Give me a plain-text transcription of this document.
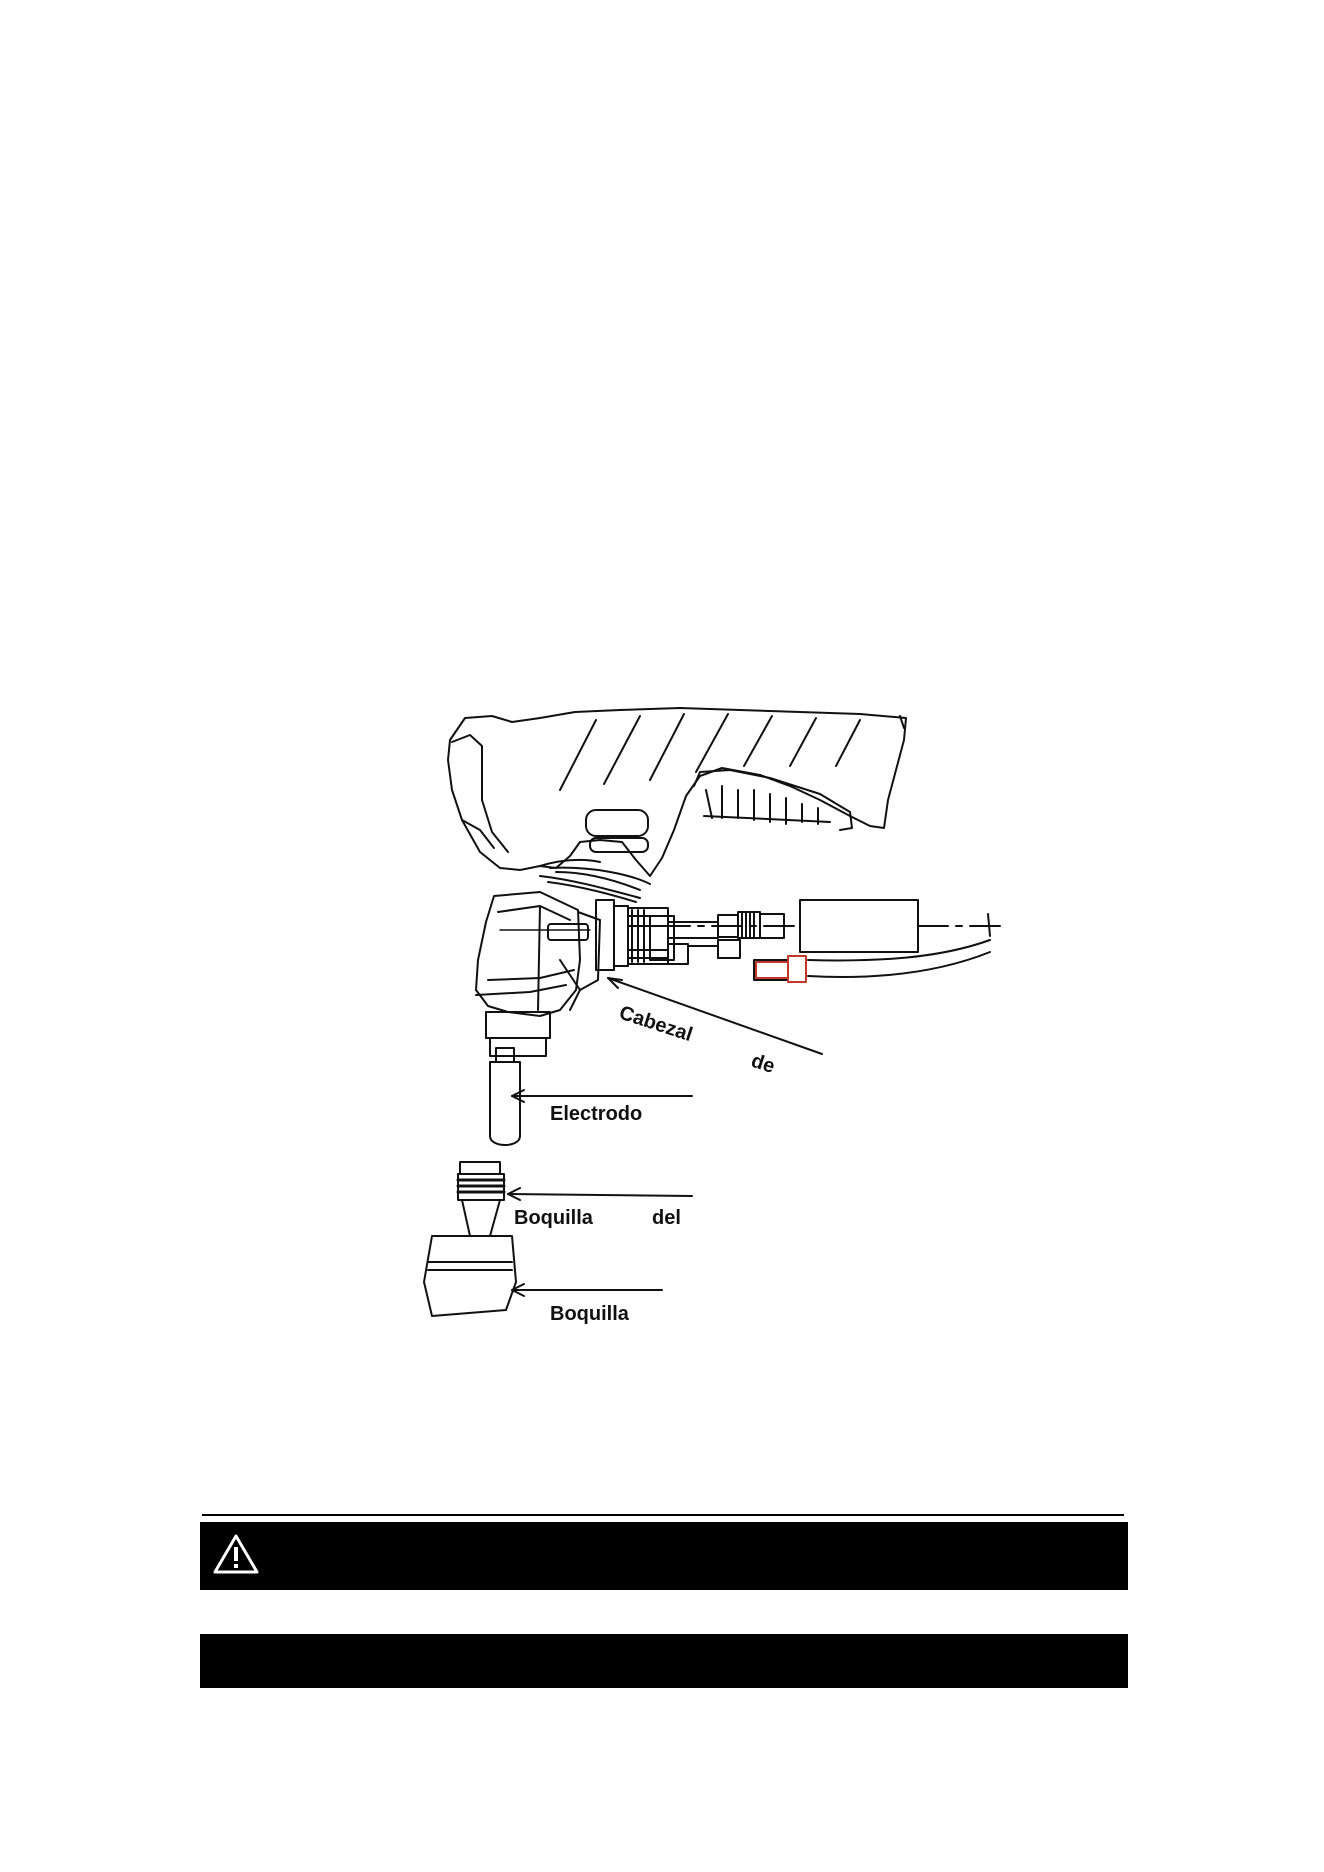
Cabezal
de
Electrodo
Boquilla	del
Boquilla
